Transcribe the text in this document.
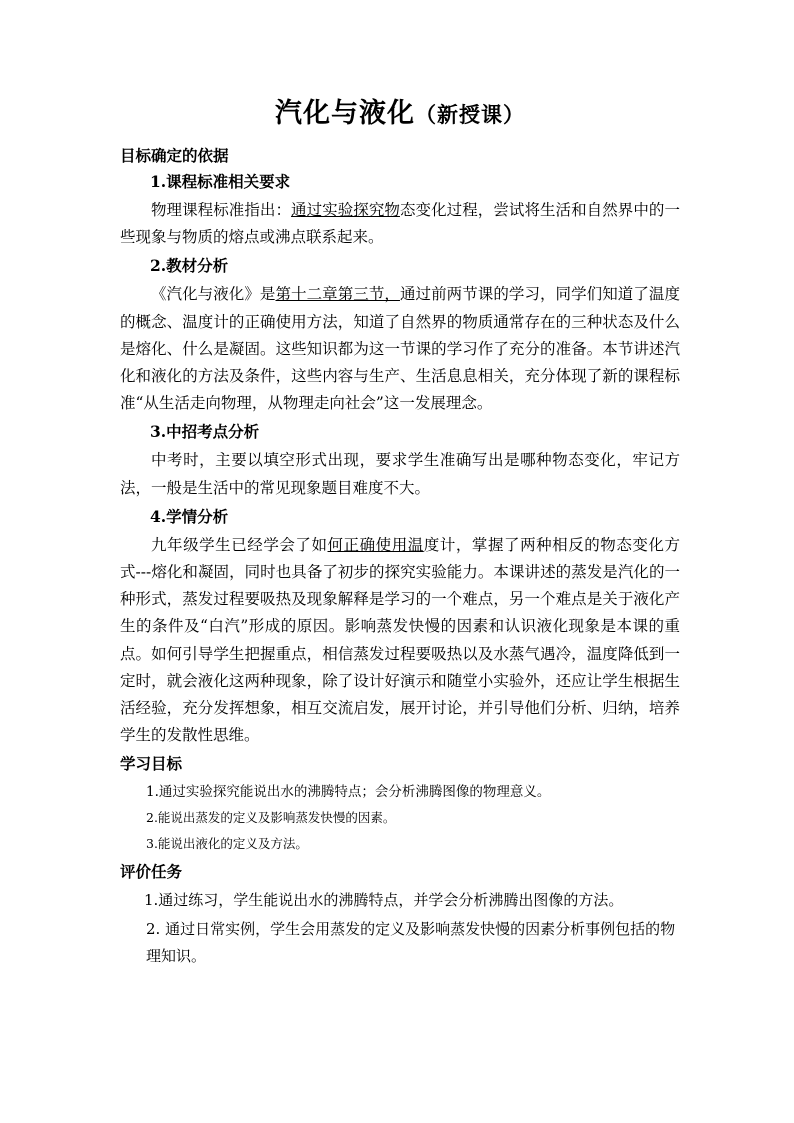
汽化与液化（新授课）
目标确定的依据
1.课程标准相关要求

物理课程标准指出：通过实验探究物态变化过程，尝试将生活和自然界中的一些现象与物质的熔点或沸点联系起来。

2.教材分析

《汽化与液化》是第十二章第三节，通过前两节课的学习，同学们知道了温度的概念、温度计的正确使用方法，知道了自然界的物质通常存在的三种状态及什么是熔化、什么是凝固。这些知识都为这一节课的学习作了充分的准备。本节讲述汽化和液化的方法及条件，这些内容与生产、生活息息相关，充分体现了新的课程标准“从生活走向物理，从物理走向社会”这一发展理念。

3.中招考点分析

中考时，主要以填空形式出现，要求学生准确写出是哪种物态变化，牢记方法，一般是生活中的常见现象题目难度不大。

4.学情分析

九年级学生已经学会了如何正确使用温度计，掌握了两种相反的物态变化方式---熔化和凝固，同时也具备了初步的探究实验能力。本课讲述的蒸发是汽化的一种形式，蒸发过程要吸热及现象解释是学习的一个难点，另一个难点是关于液化产生的条件及“白汽”形成的原因。影响蒸发快慢的因素和认识液化现象是本课的重点。如何引导学生把握重点，相信蒸发过程要吸热以及水蒸气遇冷，温度降低到一定时，就会液化这两种现象，除了设计好演示和随堂小实验外，还应让学生根据生活经验，充分发挥想象，相互交流启发，展开讨论，并引导他们分析、归纳，培养学生的发散性思维。

学习目标
1.通过实验探究能说出水的沸腾特点；会分析沸腾图像的物理意义。
2.能说出蒸发的定义及影响蒸发快慢的因素。
3.能说出液化的定义及方法。
评价任务
1.通过练习，学生能说出水的沸腾特点，并学会分析沸腾出图像的方法。
2. 通过日常实例，学生会用蒸发的定义及影响蒸发快慢的因素分析事例包括的物理知识。
